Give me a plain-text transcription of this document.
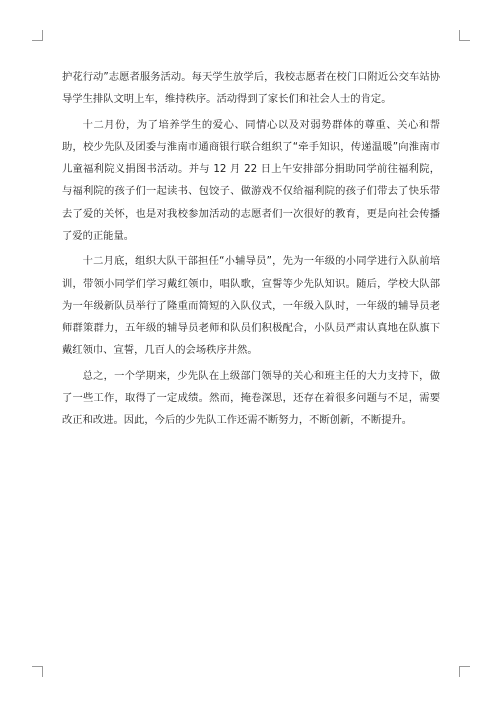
护花行动”志愿者服务活动。每天学生放学后，我校志愿者在校门口附近公交车站协导学生排队文明上车，维持秩序。活动得到了家长们和社会人士的肯定。

十二月份，为了培养学生的爱心、同情心以及对弱势群体的尊重、关心和帮助，校少先队及团委与淮南市通商银行联合组织了“牵手知识，传递温暖”向淮南市儿童福利院义捐图书活动。并与 12 月 22 日上午安排部分捐助同学前往福利院，与福利院的孩子们一起读书、包饺子、做游戏不仅给福利院的孩子们带去了快乐带去了爱的关怀，也是对我校参加活动的志愿者们一次很好的教育，更是向社会传播了爱的正能量。

十二月底，组织大队干部担任“小辅导员”，先为一年级的小同学进行入队前培训，带领小同学们学习戴红领巾，唱队歌，宣誓等少先队知识。随后，学校大队部为一年级新队员举行了隆重而简短的入队仪式，一年级入队时，一年级的辅导员老师群策群力，五年级的辅导员老师和队员们积极配合，小队员严肃认真地在队旗下戴红领巾、宣誓，几百人的会场秩序井然。

总之，一个学期来，少先队在上级部门领导的关心和班主任的大力支持下，做了一些工作，取得了一定成绩。然而，掩卷深思，还存在着很多问题与不足，需要改正和改进。因此，今后的少先队工作还需不断努力，不断创新，不断提升。
